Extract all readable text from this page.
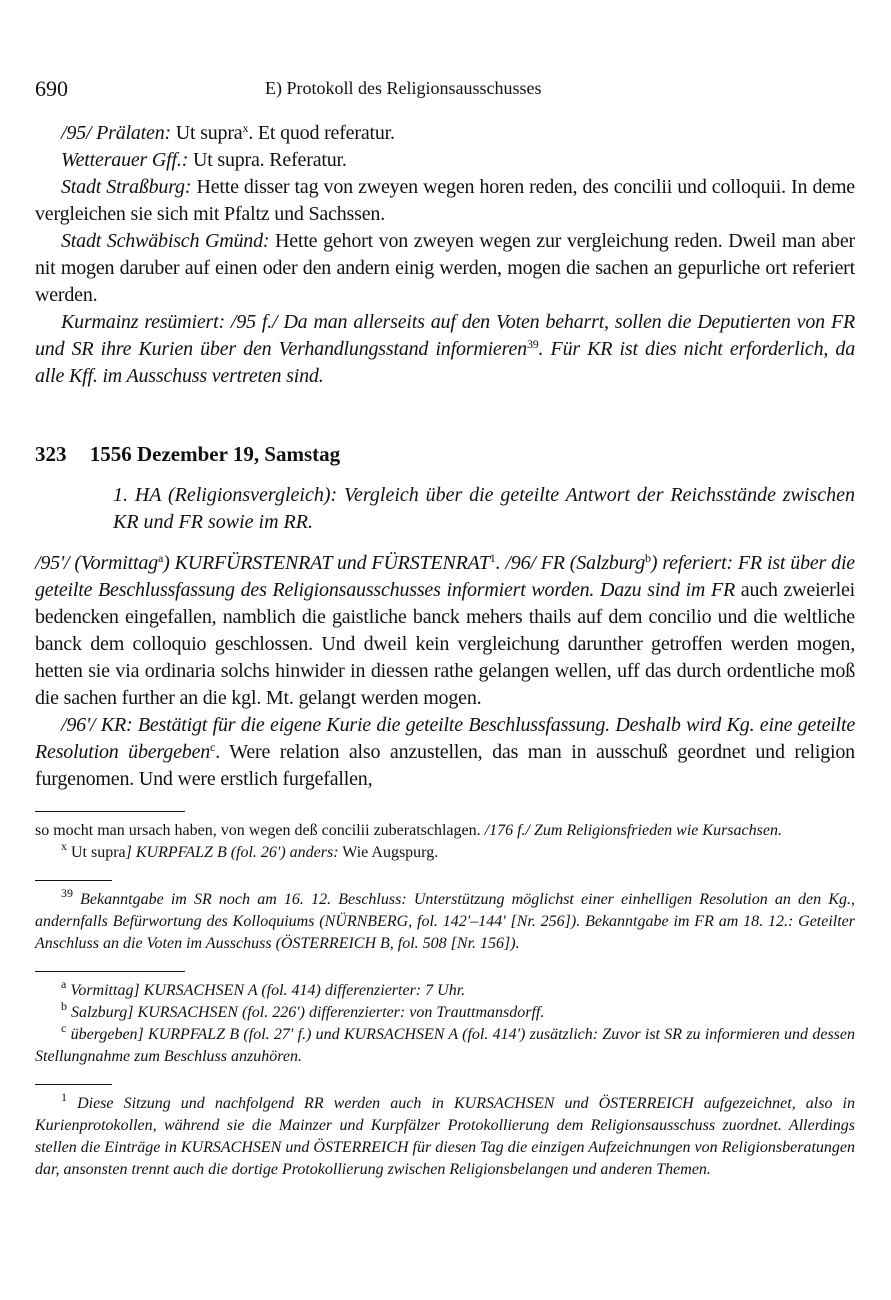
690	E) Protokoll des Religionsausschusses

/95/ Prälaten: Ut supra$^x$. Et quod referatur.

Wetterauer Gff.: Ut supra. Referatur.

Stadt Straßburg: Hette disser tag von zweyen wegen horen reden, des concilii und colloquii. In deme vergleichen sie sich mit Pfaltz und Sachssen.

Stadt Schwäbisch Gmünd: Hette gehort von zweyen wegen zur vergleichung reden. Dweil man aber nit mogen daruber auf einen oder den andern einig werden, mogen die sachen an gepurliche ort referiert werden.

Kurmainz resümiert: /95 f./ Da man allerseits auf den Voten beharrt, sollen die Deputierten von FR und SR ihre Kurien über den Verhandlungsstand informieren$^{39}$. Für KR ist dies nicht erforderlich, da alle Kff. im Ausschuss vertreten sind.

323 1556 Dezember 19, Samstag
1. HA (Religionsvergleich): Vergleich über die geteilte Antwort der Reichsstände zwischen KR und FR sowie im RR.

/95'/ (Vormittag$^a$) KURFÜRSTENRAT und FÜRSTENRAT$^1$. /96/ FR (Salzburg$^b$) referiert: FR ist über die geteilte Beschlussfassung des Religionsausschusses informiert worden. Dazu sind im FR auch zweierlei bedencken eingefallen, namblich die gaistliche banck mehers thails auf dem concilio und die weltliche banck dem colloquio geschlossen. Und dweil kein vergleichung darunther getroffen werden mogen, hetten sie via ordinaria solchs hinwider in diessen rathe gelangen wellen, uff das durch ordentliche moß die sachen further an die kgl. Mt. gelangt werden mogen.

/96'/ KR: Bestätigt für die eigene Kurie die geteilte Beschlussfassung. Deshalb wird Kg. eine geteilte Resolution übergeben$^c$. Were relation also anzustellen, das man in ausschuß geordnet und religion furgenomen. Und were erstlich furgefallen,

so mocht man ursach haben, von wegen deß concilii zuberatschlagen. /176 f./ Zum Religionsfrieden wie Kursachsen.

$^x$ Ut supra] KURPFALZ B (fol. 26') anders: Wie Augspurg.

$^{39}$ Bekanntgabe im SR noch am 16. 12. Beschluss: Unterstützung möglichst einer einhelligen Resolution an den Kg., andernfalls Befürwortung des Kolloquiums (NÜRNBERG, fol. 142'–144' [Nr. 256]). Bekanntgabe im FR am 18. 12.: Geteilter Anschluss an die Voten im Ausschuss (ÖSTERREICH B, fol. 508 [Nr. 156]).

$^a$ Vormittag] KURSACHSEN A (fol. 414) differenzierter: 7 Uhr.

$^b$ Salzburg] KURSACHSEN (fol. 226') differenzierter: von Trauttmansdorff.

$^c$ übergeben] KURPFALZ B (fol. 27' f.) und KURSACHSEN A (fol. 414') zusätzlich: Zuvor ist SR zu informieren und dessen Stellungnahme zum Beschluss anzuhören.

$^1$ Diese Sitzung und nachfolgend RR werden auch in KURSACHSEN und ÖSTERREICH aufgezeichnet, also in Kurienprotokollen, während sie die Mainzer und Kurpfälzer Protokollierung dem Religionsausschuss zuordnet. Allerdings stellen die Einträge in KURSACHSEN und ÖSTERREICH für diesen Tag die einzigen Aufzeichnungen von Religionsberatungen dar, ansonsten trennt auch die dortige Protokollierung zwischen Religionsbelangen und anderen Themen.
